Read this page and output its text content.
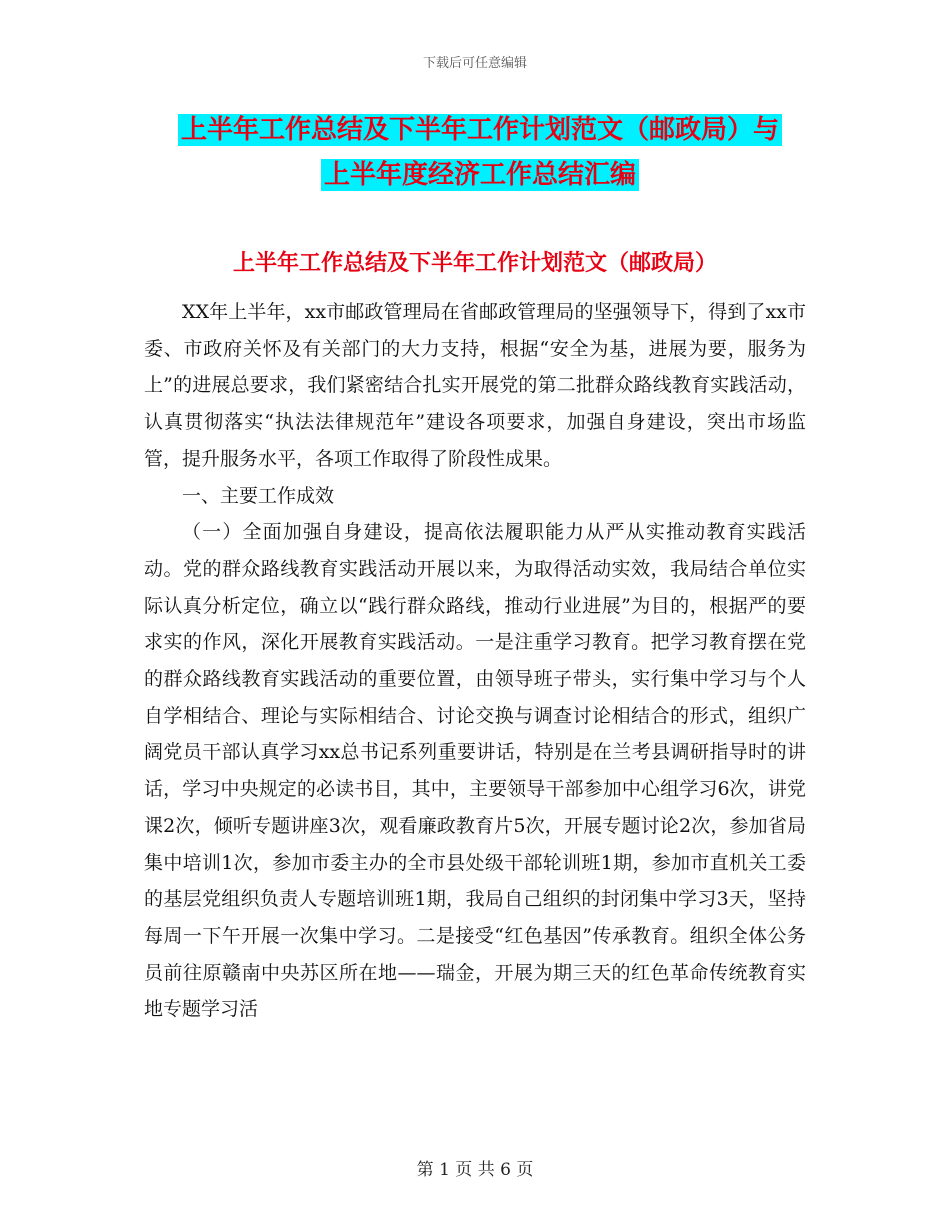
下载后可任意编辑
上半年工作总结及下半年工作计划范文（邮政局）与
上半年度经济工作总结汇编
上半年工作总结及下半年工作计划范文（邮政局）

XX年上半年，xx市邮政管理局在省邮政管理局的坚强领导下，得到了xx市委、市政府关怀及有关部门的大力支持，根据“安全为基，进展为要，服务为上”的进展总要求，我们紧密结合扎实开展党的第二批群众路线教育实践活动，认真贯彻落实“执法法律规范年”建设各项要求，加强自身建设，突出市场监管，提升服务水平，各项工作取得了阶段性成果。

一、主要工作成效

（一）全面加强自身建设，提高依法履职能力从严从实推动教育实践活动。党的群众路线教育实践活动开展以来，为取得活动实效，我局结合单位实际认真分析定位，确立以“践行群众路线，推动行业进展”为目的，根据严的要求实的作风，深化开展教育实践活动。一是注重学习教育。把学习教育摆在党的群众路线教育实践活动的重要位置，由领导班子带头，实行集中学习与个人自学相结合、理论与实际相结合、讨论交换与调查讨论相结合的形式，组织广阔党员干部认真学习xx总书记系列重要讲话，特别是在兰考县调研指导时的讲话，学习中央规定的必读书目，其中，主要领导干部参加中心组学习6次，讲党课2次，倾听专题讲座3次，观看廉政教育片5次，开展专题讨论2次，参加省局集中培训1次，参加市委主办的全市县处级干部轮训班1期，参加市直机关工委的基层党组织负责人专题培训班1期，我局自己组织的封闭集中学习3天，坚持每周一下午开展一次集中学习。二是接受“红色基因”传承教育。组织全体公务员前往原赣南中央苏区所在地——瑞金，开展为期三天的红色革命传统教育实地专题学习活

第 1 页 共 6 页
